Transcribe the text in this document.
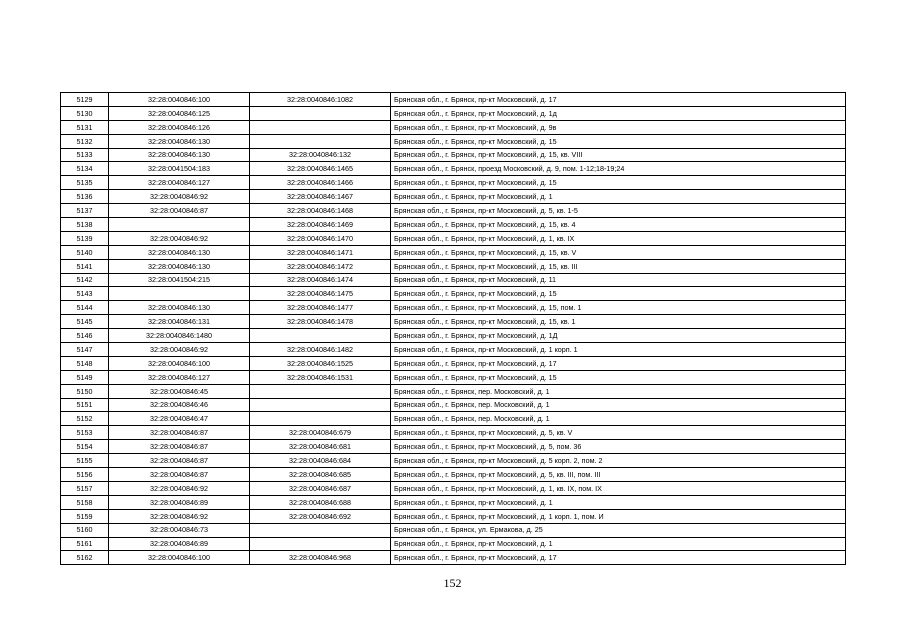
5129	32:28:0040846:100	32:28:0040846:1082	Брянская обл., г. Брянск, пр-кт Московский, д. 17
5130	32:28:0040846:125		Брянская обл., г. Брянск, пр-кт Московский, д. 1д
5131	32:28:0040846:126		Брянская обл., г. Брянск, пр-кт Московский, д. 9в
5132	32:28:0040846:130		Брянская обл., г. Брянск, пр-кт Московский, д. 15
5133	32:28:0040846:130	32:28:0040846:132	Брянская обл., г. Брянск, пр-кт Московский, д. 15, кв. VIII
5134	32:28:0041504:183	32:28:0040846:1465	Брянская обл., г. Брянск, проезд Московский, д. 9, пом. 1-12;18-19;24
5135	32:28:0040846:127	32:28:0040846:1466	Брянская обл., г. Брянск, пр-кт Московский, д. 15
5136	32:28:0040846:92	32:28:0040846:1467	Брянская обл., г. Брянск, пр-кт Московский, д. 1
5137	32:28:0040846:87	32:28:0040846:1468	Брянская обл., г. Брянск, пр-кт Московский, д. 5, кв. 1-5
5138		32:28:0040846:1469	Брянская обл., г. Брянск, пр-кт Московский, д. 15, кв. 4
5139	32:28:0040846:92	32:28:0040846:1470	Брянская обл., г. Брянск, пр-кт Московский, д. 1, кв. IX
5140	32:28:0040846:130	32:28:0040846:1471	Брянская обл., г. Брянск, пр-кт Московский, д. 15, кв. V
5141	32:28:0040846:130	32:28:0040846:1472	Брянская обл., г. Брянск, пр-кт Московский, д. 15, кв. III
5142	32:28:0041504:215	32:28:0040846:1474	Брянская обл., г. Брянск, пр-кт Московский, д. 11
5143		32:28:0040846:1475	Брянская обл., г. Брянск, пр-кт Московский, д. 15
5144	32:28:0040846:130	32:28:0040846:1477	Брянская обл., г. Брянск, пр-кт Московский, д. 15, пом. 1
5145	32:28:0040846:131	32:28:0040846:1478	Брянская обл., г. Брянск, пр-кт Московский, д. 15, кв. 1
5146	32:28:0040846:1480		Брянская обл., г. Брянск, пр-кт Московский, д. 1Д
5147	32:28:0040846:92	32:28:0040846:1482	Брянская обл., г. Брянск, пр-кт Московский, д. 1 корп. 1
5148	32:28:0040846:100	32:28:0040846:1525	Брянская обл., г. Брянск, пр-кт Московский, д. 17
5149	32:28:0040846:127	32:28:0040846:1531	Брянская обл., г. Брянск, пр-кт Московский, д. 15
5150	32:28:0040846:45		Брянская обл., г. Брянск, пер. Московский, д. 1
5151	32:28:0040846:46		Брянская обл., г. Брянск, пер. Московский, д. 1
5152	32:28:0040846:47		Брянская обл., г. Брянск, пер. Московский, д. 1
5153	32:28:0040846:87	32:28:0040846:679	Брянская обл., г. Брянск, пр-кт Московский, д. 5, кв. V
5154	32:28:0040846:87	32:28:0040846:681	Брянская обл., г. Брянск, пр-кт Московский, д. 5, пом. 36
5155	32:28:0040846:87	32:28:0040846:684	Брянская обл., г. Брянск, пр-кт Московский, д. 5 корп. 2, пом. 2
5156	32:28:0040846:87	32:28:0040846:685	Брянская обл., г. Брянск, пр-кт Московский, д. 5, кв. III, пом. III
5157	32:28:0040846:92	32:28:0040846:687	Брянская обл., г. Брянск, пр-кт Московский, д. 1, кв. IX, пом. IX
5158	32:28:0040846:89	32:28:0040846:688	Брянская обл., г. Брянск, пр-кт Московский, д. 1
5159	32:28:0040846:92	32:28:0040846:692	Брянская обл., г. Брянск, пр-кт Московский, д. 1 корп. 1, пом. И
5160	32:28:0040846:73		Брянская обл., г. Брянск, ул. Ермакова, д. 25
5161	32:28:0040846:89		Брянская обл., г. Брянск, пр-кт Московский, д. 1
5162	32:28:0040846:100	32:28:0040846:968	Брянская обл., г. Брянск, пр-кт Московский, д. 17
152
